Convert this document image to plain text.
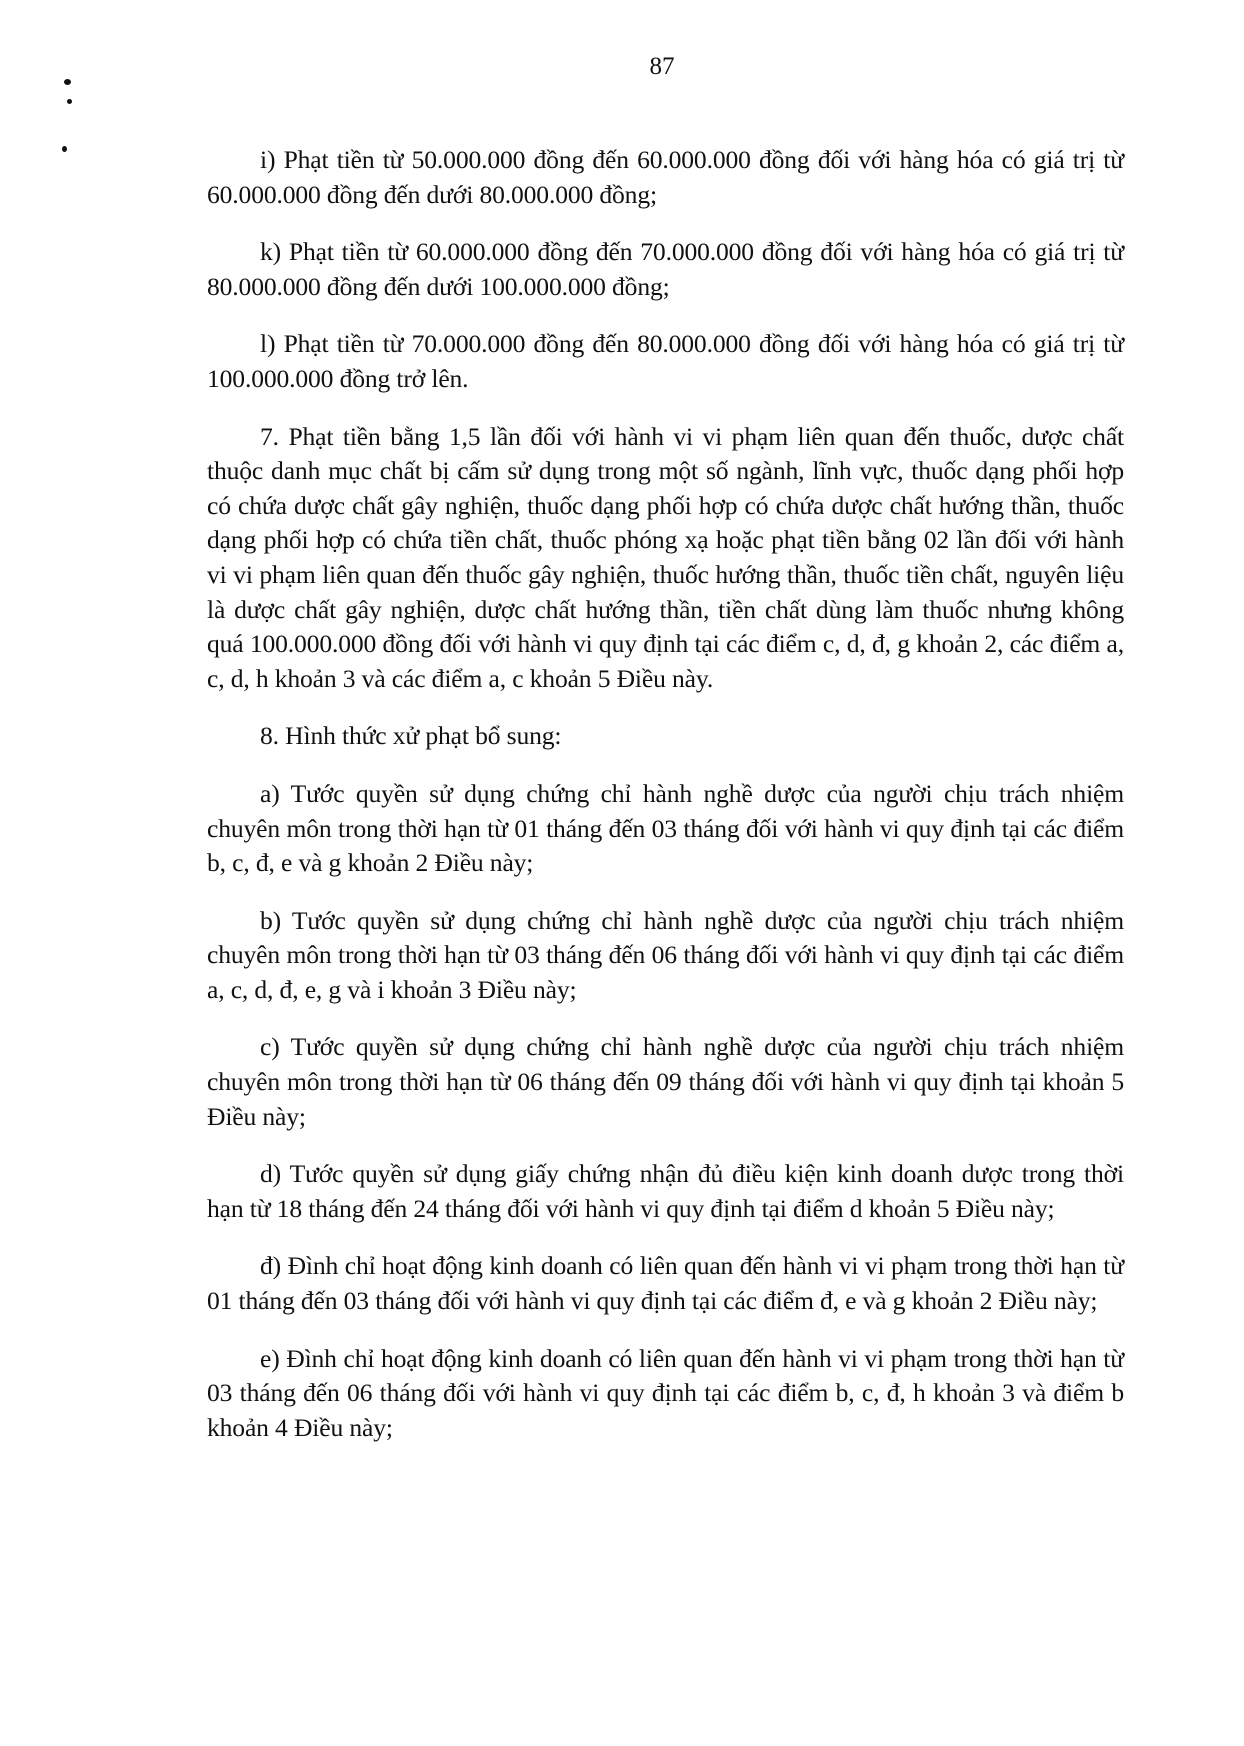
87

i) Phạt tiền từ 50.000.000 đồng đến 60.000.000 đồng đối với hàng hóa có giá trị từ 60.000.000 đồng đến dưới 80.000.000 đồng;

k) Phạt tiền từ 60.000.000 đồng đến 70.000.000 đồng đối với hàng hóa có giá trị từ 80.000.000 đồng đến dưới 100.000.000 đồng;

l) Phạt tiền từ 70.000.000 đồng đến 80.000.000 đồng đối với hàng hóa có giá trị từ 100.000.000 đồng trở lên.

7. Phạt tiền bằng 1,5 lần đối với hành vi vi phạm liên quan đến thuốc, dược chất thuộc danh mục chất bị cấm sử dụng trong một số ngành, lĩnh vực, thuốc dạng phối hợp có chứa dược chất gây nghiện, thuốc dạng phối hợp có chứa dược chất hướng thần, thuốc dạng phối hợp có chứa tiền chất, thuốc phóng xạ hoặc phạt tiền bằng 02 lần đối với hành vi vi phạm liên quan đến thuốc gây nghiện, thuốc hướng thần, thuốc tiền chất, nguyên liệu là dược chất gây nghiện, dược chất hướng thần, tiền chất dùng làm thuốc nhưng không quá 100.000.000 đồng đối với hành vi quy định tại các điểm c, d, đ, g khoản 2, các điểm a, c, d, h khoản 3 và các điểm a, c khoản 5 Điều này.

8. Hình thức xử phạt bổ sung:

a) Tước quyền sử dụng chứng chỉ hành nghề dược của người chịu trách nhiệm chuyên môn trong thời hạn từ 01 tháng đến 03 tháng đối với hành vi quy định tại các điểm b, c, đ, e và g khoản 2 Điều này;

b) Tước quyền sử dụng chứng chỉ hành nghề dược của người chịu trách nhiệm chuyên môn trong thời hạn từ 03 tháng đến 06 tháng đối với hành vi quy định tại các điểm a, c, d, đ, e, g và i khoản 3 Điều này;

c) Tước quyền sử dụng chứng chỉ hành nghề dược của người chịu trách nhiệm chuyên môn trong thời hạn từ 06 tháng đến 09 tháng đối với hành vi quy định tại khoản 5 Điều này;

d) Tước quyền sử dụng giấy chứng nhận đủ điều kiện kinh doanh dược trong thời hạn từ 18 tháng đến 24 tháng đối với hành vi quy định tại điểm d khoản 5 Điều này;

đ) Đình chỉ hoạt động kinh doanh có liên quan đến hành vi vi phạm trong thời hạn từ 01 tháng đến 03 tháng đối với hành vi quy định tại các điểm đ, e và g khoản 2 Điều này;

e) Đình chỉ hoạt động kinh doanh có liên quan đến hành vi vi phạm trong thời hạn từ 03 tháng đến 06 tháng đối với hành vi quy định tại các điểm b, c, đ, h khoản 3 và điểm b khoản 4 Điều này;
